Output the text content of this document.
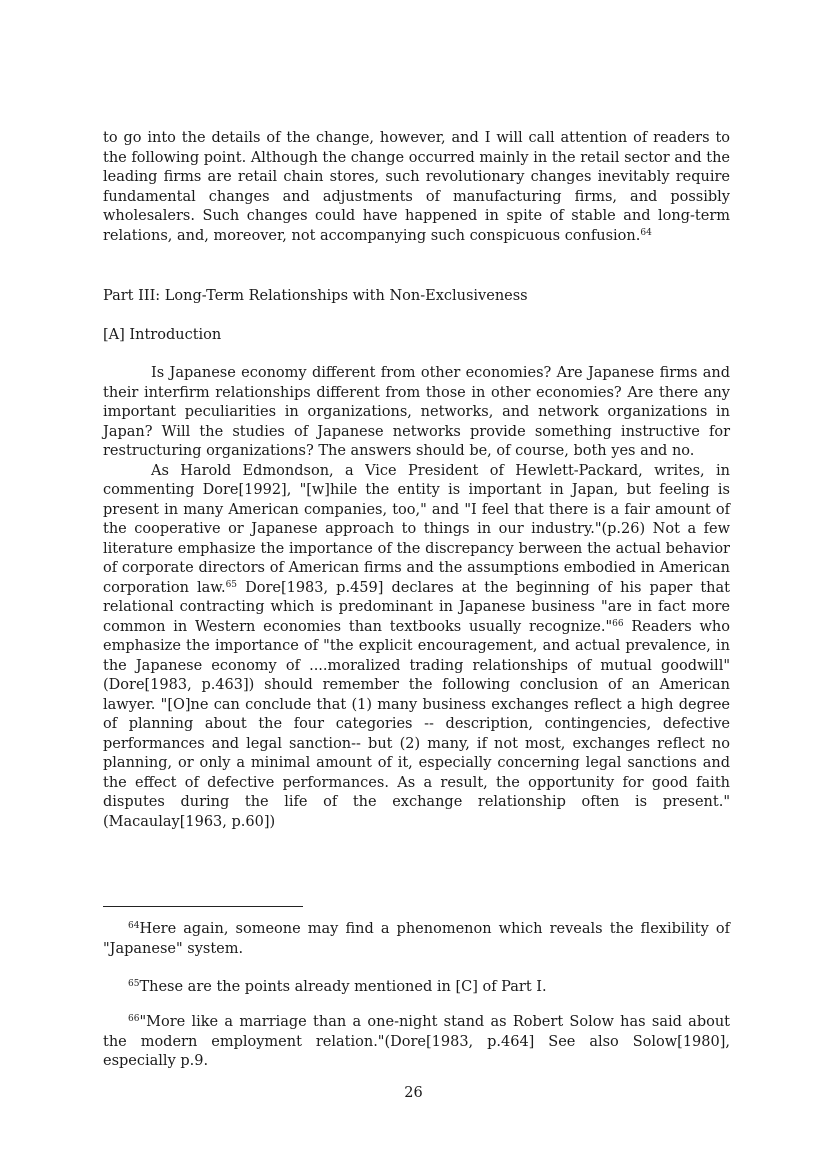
to go into the details of the change, however, and I will call attention of readers to the following point. Although the change occurred mainly in the retail sector and the leading firms are retail chain stores, such revolutionary changes inevitably require fundamental changes and adjustments of manufacturing firms, and possibly wholesalers. Such changes could have happened in spite of stable and long-term relations, and, moreover, not accompanying such conspicuous confusion.$^{64}$

Part III: Long-Term Relationships with Non-Exclusiveness
[A] Introduction

Is Japanese economy different from other economies? Are Japanese firms and their interfirm relationships different from those in other economies? Are there any important peculiarities in organizations, networks, and network organizations in Japan? Will the studies of Japanese networks provide something instructive for restructuring organizations? The answers should be, of course, both yes and no.

As Harold Edmondson, a Vice President of Hewlett-Packard, writes, in commenting Dore[1992], "[w]hile the entity is important in Japan, but feeling is present in many American companies, too," and "I feel that there is a fair amount of the cooperative or Japanese approach to things in our industry."(p.26) Not a few literature emphasize the importance of the discrepancy berween the actual behavior of corporate directors of American firms and the assumptions embodied in American corporation law.$^{65}$ Dore[1983, p.459] declares at the beginning of his paper that relational contracting which is predominant in Japanese business "are in fact more common in Western economies than textbooks usually recognize."$^{66}$ Readers who emphasize the importance of "the explicit encouragement, and actual prevalence, in the Japanese economy of ....moralized trading relationships of mutual goodwill"(Dore[1983, p.463]) should remember the following conclusion of an American lawyer. "[O]ne can conclude that (1) many business exchanges reflect a high degree of planning about the four categories -- description, contingencies, defective performances and legal sanction-- but (2) many, if not most, exchanges reflect no planning, or only a minimal amount of it, especially concerning legal sanctions and the effect of defective performances. As a result, the opportunity for good faith disputes during the life of the exchange relationship often is present."(Macaulay[1963, p.60])

$^{64}$Here again, someone may find a phenomenon which reveals the flexibility of "Japanese" system.

$^{65}$These are the points already mentioned in [C] of Part I.

$^{66}$"More like a marriage than a one-night stand as Robert Solow has said about the modern employment relation."(Dore[1983, p.464] See also Solow[1980], especially p.9.

26
